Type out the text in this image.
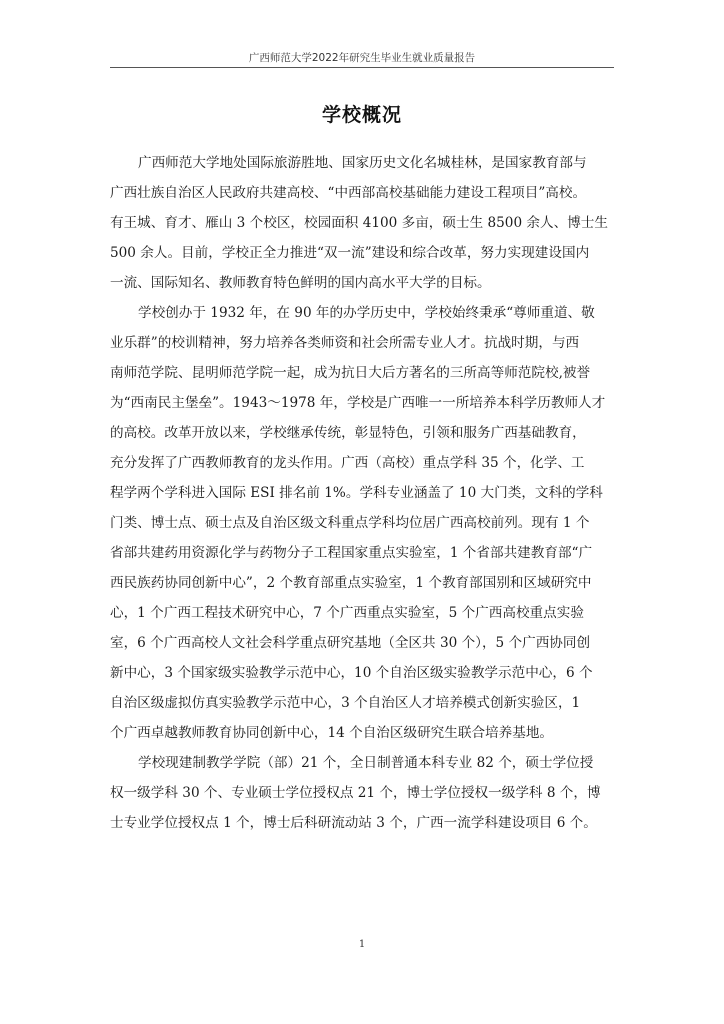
广西师范大学2022年研究生毕业生就业质量报告
学校概况

广西师范大学地处国际旅游胜地、国家历史文化名城桂林，是国家教育部与
广西壮族自治区人民政府共建高校、“中西部高校基础能力建设工程项目”高校。
有王城、育才、雁山 3 个校区，校园面积 4100 多亩，硕士生 8500 余人、博士生
500 余人。目前，学校正全力推进“双一流”建设和综合改革，努力实现建设国内
一流、国际知名、教师教育特色鲜明的国内高水平大学的目标。

学校创办于 1932 年，在 90 年的办学历史中，学校始终秉承“尊师重道、敬
业乐群”的校训精神，努力培养各类师资和社会所需专业人才。抗战时期，与西
南师范学院、昆明师范学院一起，成为抗日大后方著名的三所高等师范院校,被誉
为“西南民主堡垒”。1943～1978 年，学校是广西唯一一所培养本科学历教师人才
的高校。改革开放以来，学校继承传统，彰显特色，引领和服务广西基础教育，
充分发挥了广西教师教育的龙头作用。广西（高校）重点学科 35 个，化学、工
程学两个学科进入国际 ESI 排名前 1%。学科专业涵盖了 10 大门类，文科的学科
门类、博士点、硕士点及自治区级文科重点学科均位居广西高校前列。现有 1 个
省部共建药用资源化学与药物分子工程国家重点实验室，1 个省部共建教育部“广
西民族药协同创新中心”，2 个教育部重点实验室，1 个教育部国别和区域研究中
心，1 个广西工程技术研究中心，7 个广西重点实验室，5 个广西高校重点实验
室，6 个广西高校人文社会科学重点研究基地（全区共 30 个），5 个广西协同创
新中心，3 个国家级实验教学示范中心，10 个自治区级实验教学示范中心，6 个
自治区级虚拟仿真实验教学示范中心，3 个自治区人才培养模式创新实验区，1
个广西卓越教师教育协同创新中心，14 个自治区级研究生联合培养基地。

学校现建制教学学院（部）21 个，全日制普通本科专业 82 个，硕士学位授
权一级学科 30 个、专业硕士学位授权点 21 个，博士学位授权一级学科 8 个，博
士专业学位授权点 1 个，博士后科研流动站 3 个，广西一流学科建设项目 6 个。

1
